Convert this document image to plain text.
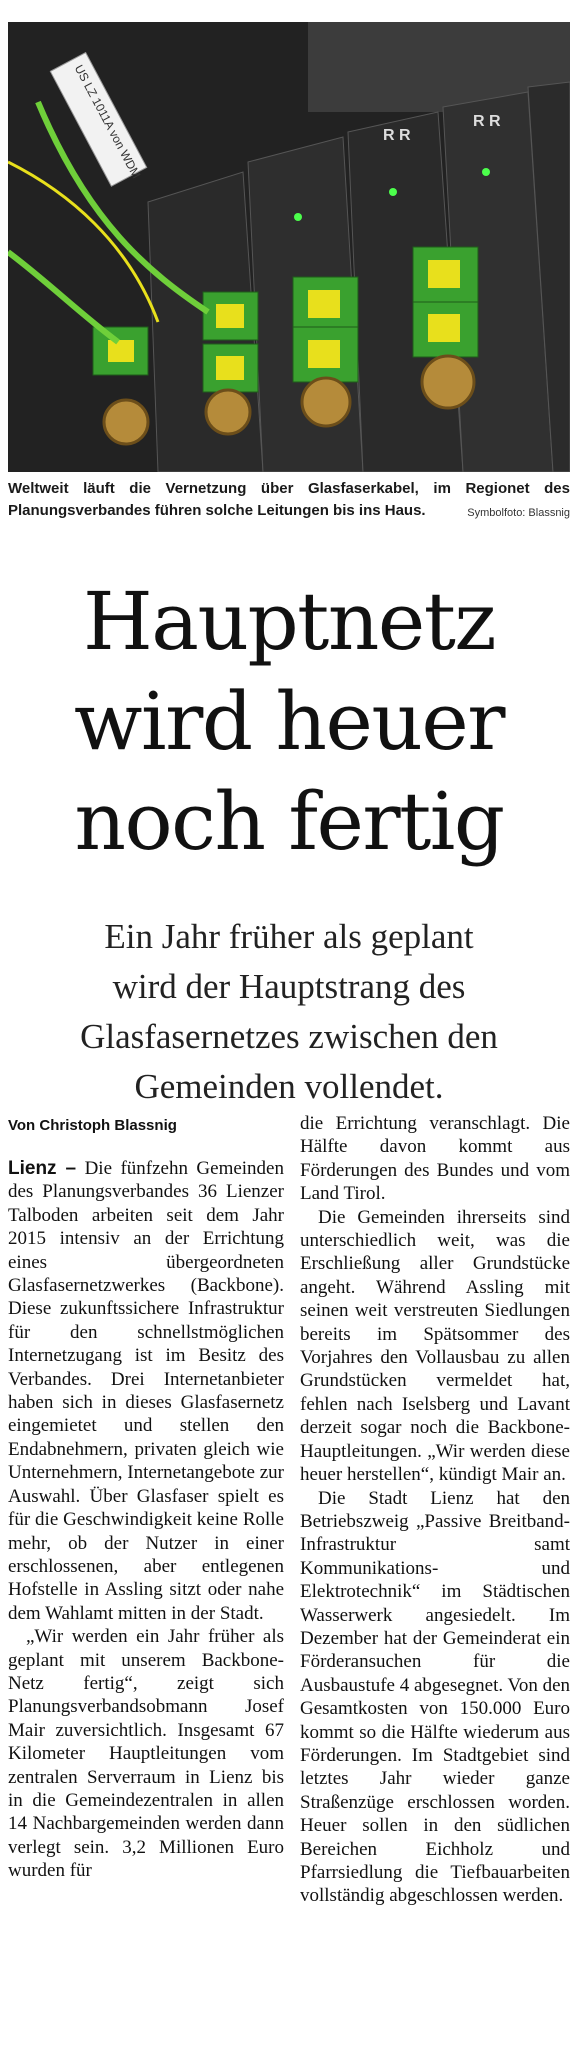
R R
R R
US LZ 1011A von WDM
Weltweit läuft die Vernetzung über Glasfaserkabel, im Regionet des Planungsverbandes führen solche Leitungen bis ins Haus.	Symbolfoto: Blassnig
Hauptnetz
wird heuer
noch fertig
Ein Jahr früher als geplant
wird der Hauptstrang des
Glasfasernetzes zwischen den
Gemeinden vollendet.
Von Christoph Blassnig

Lienz – Die fünfzehn Gemeinden des Planungsverbandes 36 Lienzer Talboden arbeiten seit dem Jahr 2015 intensiv an der Errichtung eines übergeordneten Glasfasernetzwerkes (Backbone). Diese zukunftssichere Infrastruktur für den schnellstmöglichen Internetzugang ist im Besitz des Verbandes. Drei Internetanbieter haben sich in dieses Glasfasernetz eingemietet und stellen den Endabnehmern, privaten gleich wie Unternehmern, Internetangebote zur Auswahl. Über Glasfaser spielt es für die Geschwindigkeit keine Rolle mehr, ob der Nutzer in einer erschlossenen, aber entlegenen Hofstelle in Assling sitzt oder nahe dem Wahlamt mitten in der Stadt.

„Wir werden ein Jahr früher als geplant mit unserem Backbone-Netz fertig“, zeigt sich Planungsverbandsobmann Josef Mair zuversichtlich. Insgesamt 67 Kilometer Hauptleitungen vom zentralen Serverraum in Lienz bis in die Gemeindezentralen in allen 14 Nachbargemeinden werden dann verlegt sein. 3,2 Millionen Euro wurden für

die Errichtung veranschlagt. Die Hälfte davon kommt aus Förderungen des Bundes und vom Land Tirol.

Die Gemeinden ihrerseits sind unterschiedlich weit, was die Erschließung aller Grundstücke angeht. Während Assling mit seinen weit verstreuten Siedlungen bereits im Spätsommer des Vorjahres den Vollausbau zu allen Grundstücken vermeldet hat, fehlen nach Iselsberg und Lavant derzeit sogar noch die Backbone-Hauptleitungen. „Wir werden diese heuer herstellen“, kündigt Mair an.

Die Stadt Lienz hat den Betriebszweig „Passive Breitband-Infrastruktur samt Kommunikations- und Elektrotechnik“ im Städtischen Wasserwerk angesiedelt. Im Dezember hat der Gemeinderat ein Förderansuchen für die Ausbaustufe 4 abgesegnet. Von den Gesamtkosten von 150.000 Euro kommt so die Hälfte wiederum aus Förderungen. Im Stadtgebiet sind letztes Jahr wieder ganze Straßenzüge erschlossen worden. Heuer sollen in den südlichen Bereichen Eichholz und Pfarrsiedlung die Tiefbauarbeiten vollständig abgeschlossen werden.
